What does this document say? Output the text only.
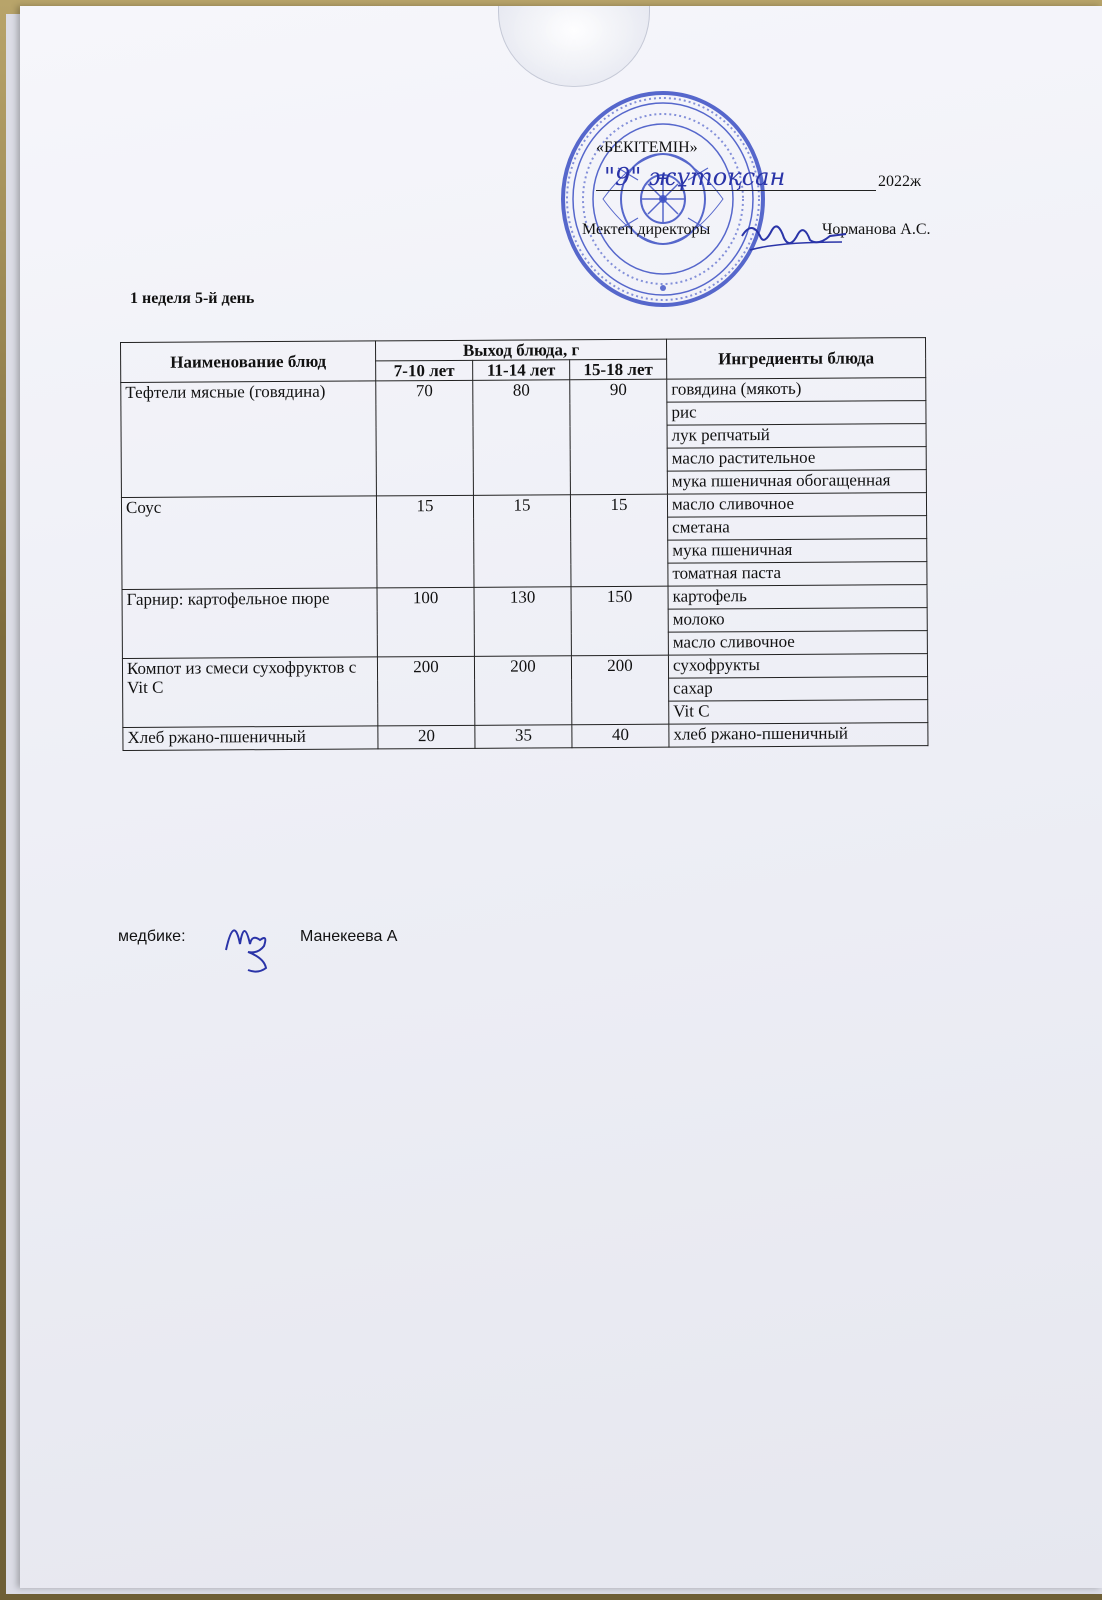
«БЕКІТЕМІН»
"9" жұтоқсан	2022ж
Мектеп директоры	Чорманова А.С.
1 неделя 5-й день
Наименование блюд	Выход блюда, г			Ингредиенты блюда
	7-10 лет	11-14 лет	15-18 лет	
Тефтели мясные (говядина)	70	80	90	говядина (мякоть)
				рис
				лук репчатый
				масло растительное
				мука пшеничная обогащенная
Соус	15	15	15	масло сливочное
				сметана
				мука пшеничная
				томатная паста
Гарнир: картофельное пюре	100	130	150	картофель
				молоко
				масло сливочное
Компот из смеси сухофруктов с Vit C	200	200	200	сухофрукты
				сахар
				Vit C
Хлеб ржано-пшеничный	20	35	40	хлеб ржано-пшеничный
медбике:	Манекеева А
